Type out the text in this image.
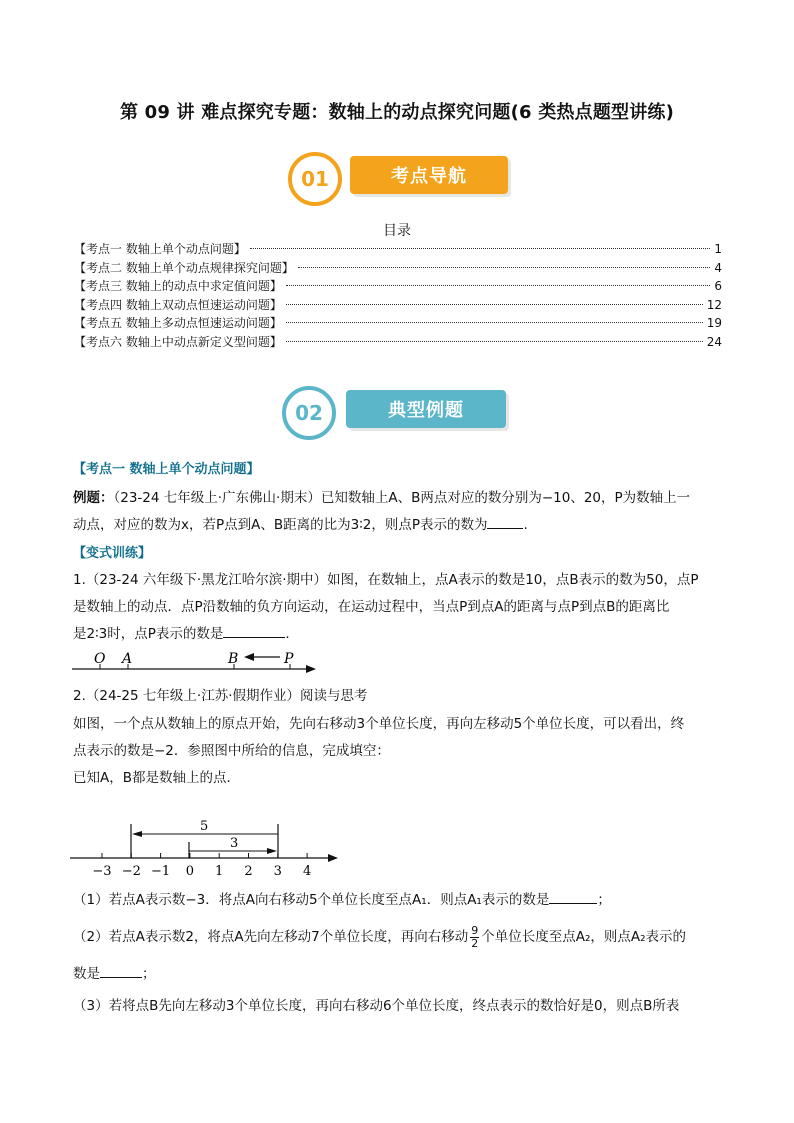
第 09 讲 难点探究专题：数轴上的动点探究问题(6 类热点题型讲练)
考点导航
01
目录
【考点一 数轴上单个动点问题】	1
【考点二 数轴上单个动点规律探究问题】	4
【考点三 数轴上的动点中求定值问题】	6
【考点四 数轴上双动点恒速运动问题】	12
【考点五 数轴上多动点恒速运动问题】	19
【考点六 数轴上中动点新定义型问题】	24
典型例题
02
【考点一 数轴上单个动点问题】
例题：（23-24 七年级上·广东佛山·期末）已知数轴上A、B两点对应的数分别为−10、20，P为数轴上一
动点，对应的数为x，若P点到A、B距离的比为3∶2，则点P表示的数为	.
【变式训练】
1.（23-24 六年级下·黑龙江哈尔滨·期中）如图，在数轴上，点A表示的数是10，点B表示的数为50，点P
是数轴上的动点．点P沿数轴的负方向运动，在运动过程中，当点P到点A的距离与点P到点B的距离比
是2∶3时，点P表示的数是	．
O A	B	P
2.（24-25 七年级上·江苏·假期作业）阅读与思考
如图，一个点从数轴上的原点开始，先向右移动3个单位长度，再向左移动5个单位长度，可以看出，终
点表示的数是−2．参照图中所给的信息，完成填空：
已知A，B都是数轴上的点．
−3 −2 −1 0 1 2 3 4
5
3
（1）若点A表示数−3．将点A向右移动5个单位长度至点A₁．则点A₁表示的数是	；
（2）若点A表示数2，将点A先向左移动7个单位长度，再向右移动 $\frac{9}{2}$ 个单位长度至点A₂，则点A₂表示的
数是	；
（3）若将点B先向左移动3个单位长度，再向右移动6个单位长度，终点表示的数恰好是0，则点B所表
